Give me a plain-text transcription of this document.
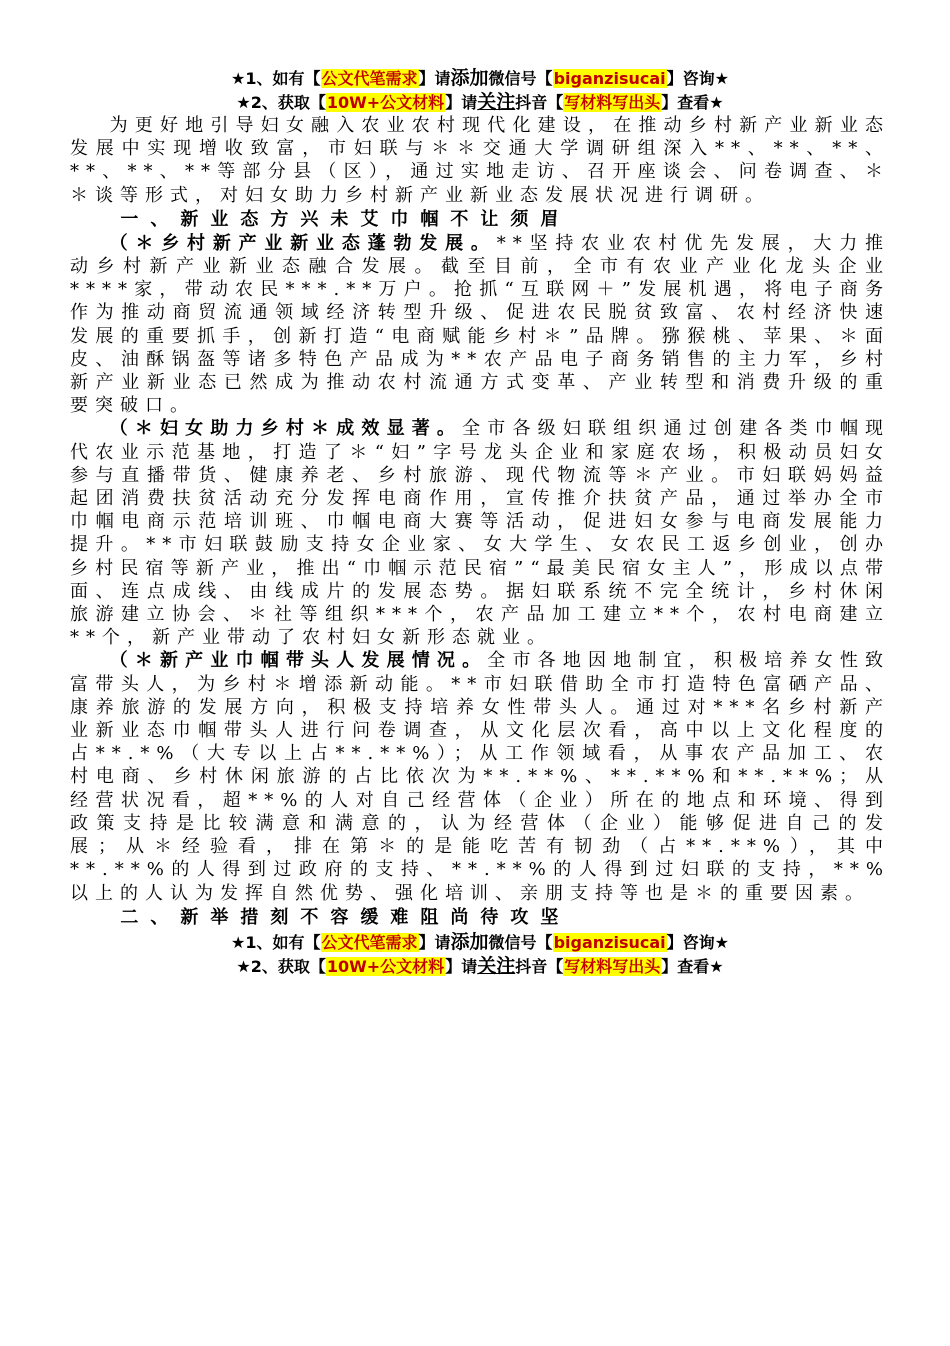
★1、如有【公文代笔需求】请添加微信号【biganzisucai】咨询★
★2、获取【10W+公文材料】请关注抖音【写材料写出头】查看★

为更好地引导妇女融入农业农村现代化建设，在推动乡村新产业新业态发展中实现增收致富，市妇联与＊＊交通大学调研组深入**、**、**、**、**、**等部分县（区），通过实地走访、召开座谈会、问卷调查、＊＊谈等形式，对妇女助力乡村新产业新业态发展状况进行调研。

一、新业态方兴未艾巾帼不让须眉

（＊乡村新产业新业态蓬勃发展。**坚持农业农村优先发展，大力推动乡村新产业新业态融合发展。截至目前，全市有农业产业化龙头企业****家，带动农民***.**万户。抢抓“互联网＋”发展机遇，将电子商务作为推动商贸流通领域经济转型升级、促进农民脱贫致富、农村经济快速发展的重要抓手，创新打造“电商赋能乡村＊”品牌。猕猴桃、苹果、＊面皮、油酥锅盔等诸多特色产品成为**农产品电子商务销售的主力军，乡村新产业新业态已然成为推动农村流通方式变革、产业转型和消费升级的重要突破口。

（＊妇女助力乡村＊成效显著。全市各级妇联组织通过创建各类巾帼现代农业示范基地，打造了＊“妇”字号龙头企业和家庭农场，积极动员妇女参与直播带货、健康养老、乡村旅游、现代物流等＊产业。市妇联妈妈益起团消费扶贫活动充分发挥电商作用，宣传推介扶贫产品，通过举办全市巾帼电商示范培训班、巾帼电商大赛等活动，促进妇女参与电商发展能力提升。**市妇联鼓励支持女企业家、女大学生、女农民工返乡创业，创办乡村民宿等新产业，推出“巾帼示范民宿”“最美民宿女主人”，形成以点带面、连点成线、由线成片的发展态势。据妇联系统不完全统计，乡村休闲旅游建立协会、＊社等组织***个，农产品加工建立**个，农村电商建立**个，新产业带动了农村妇女新形态就业。

（＊新产业巾帼带头人发展情况。全市各地因地制宜，积极培养女性致富带头人，为乡村＊增添新动能。**市妇联借助全市打造特色富硒产品、康养旅游的发展方向，积极支持培养女性带头人。通过对***名乡村新产业新业态巾帼带头人进行问卷调查，从文化层次看，高中以上文化程度的占**.*%（大专以上占**.**%）；从工作领域看，从事农产品加工、农村电商、乡村休闲旅游的占比依次为**.**%、**.**%和**.**%；从经营状况看，超**%的人对自己经营体（企业）所在的地点和环境、得到政策支持是比较满意和满意的，认为经营体（企业）能够促进自己的发展；从＊经验看，排在第＊的是能吃苦有韧劲（占**.**%），其中**.**%的人得到过政府的支持、**.**%的人得到过妇联的支持，**%以上的人认为发挥自然优势、强化培训、亲朋支持等也是＊的重要因素。

二、新举措刻不容缓难阻尚待攻坚
★1、如有【公文代笔需求】请添加微信号【biganzisucai】咨询★
★2、获取【10W+公文材料】请关注抖音【写材料写出头】查看★
